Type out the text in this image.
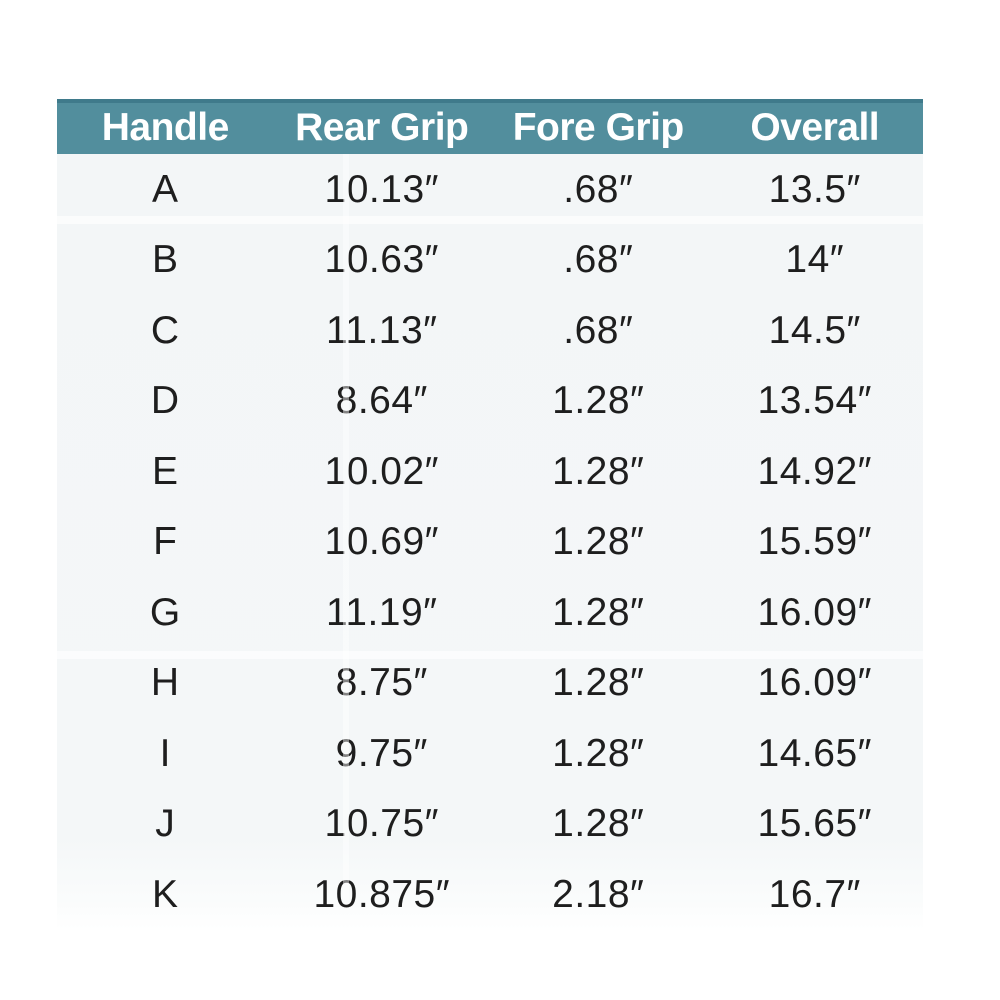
Handle	Rear Grip	Fore Grip	Overall
A	10.13″	.68″	13.5″
B	10.63″	.68″	14″
C	11.13″	.68″	14.5″
D	8.64″	1.28″	13.54″
E	10.02″	1.28″	14.92″
F	10.69″	1.28″	15.59″
G	11.19″	1.28″	16.09″
H	8.75″	1.28″	16.09″
I	9.75″	1.28″	14.65″
J	10.75″	1.28″	15.65″
K	10.875″	2.18″	16.7″
